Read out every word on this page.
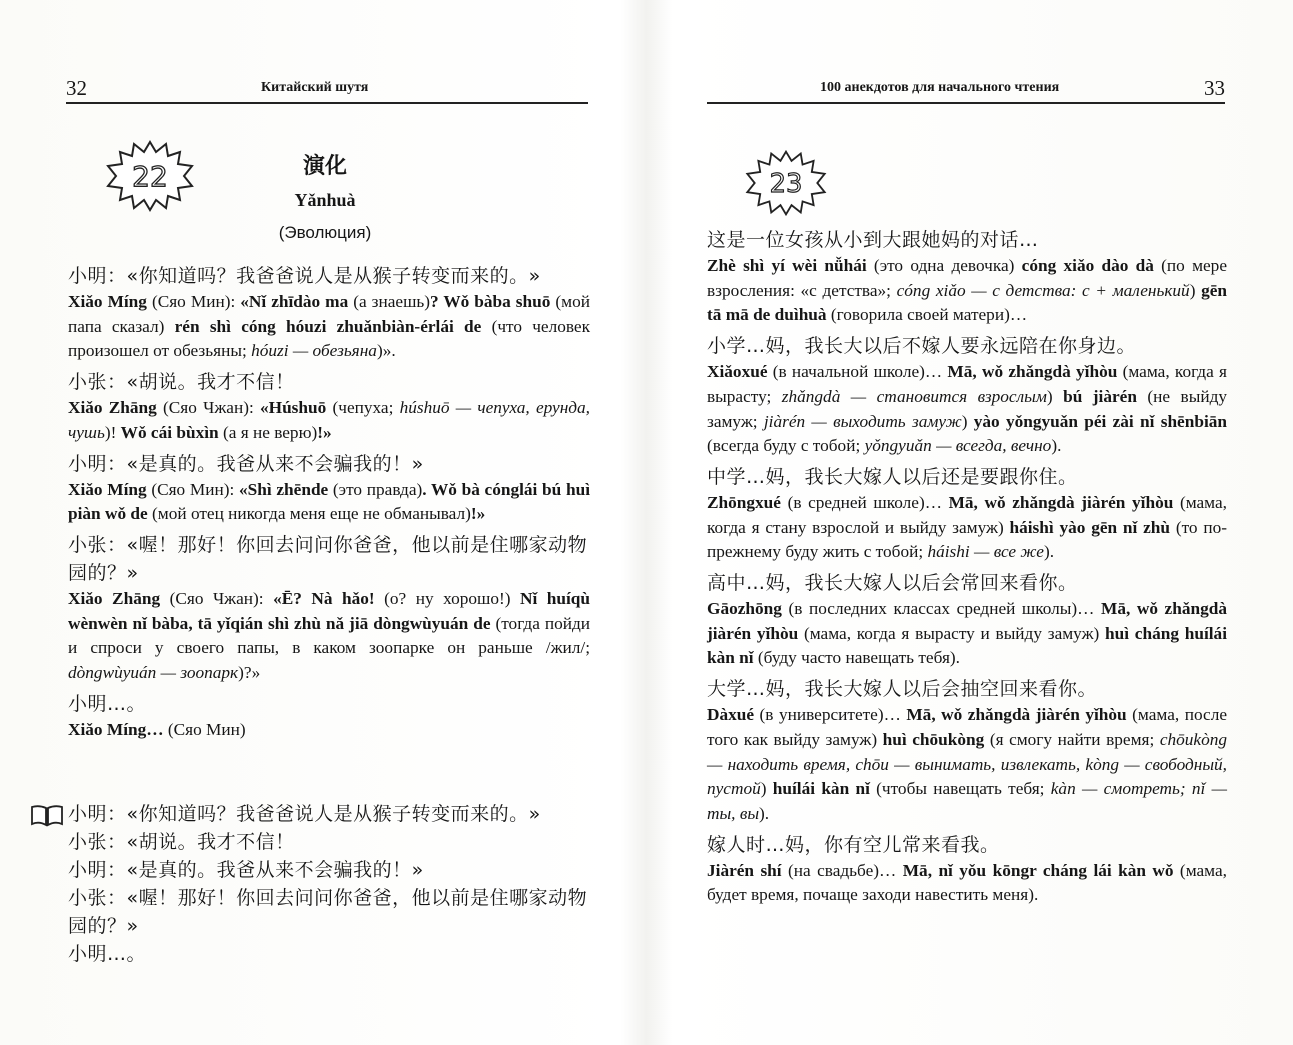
32	Китайский шутя
22	演化
Yǎnhuà
(Эволюция)
小明：«你知道吗？我爸爸说人是从猴子转变而来的。»
Xiǎo Míng (Сяо Мин): «Nǐ zhīdào ma (а знаешь)? Wǒ bàba shuō (мой папа сказал) rén shì cóng hóuzi zhuǎnbiàn-érlái de (что человек произошел от обезьяны; hóuzi — обезьяна)».
小张：«胡说。我才不信！
Xiǎo Zhāng (Сяо Чжан): «Húshuō (чепуха; húshuō — чепуха, ерунда, чушь)! Wǒ cái bùxìn (а я не верю)!»
小明：«是真的。我爸从来不会骗我的！»
Xiǎo Míng (Сяо Мин): «Shì zhēnde (это правда). Wǒ bà cónglái bú huì piàn wǒ de (мой отец никогда меня еще не обманывал)!»
小张：«喔！那好！你回去问问你爸爸，他以前是住哪家动物园的？»
Xiǎo Zhāng (Сяо Чжан): «Ē? Nà hǎo! (о? ну хорошо!) Nǐ huíqù wènwèn nǐ bàba, tā yǐqián shì zhù nǎ jiā dòngwùyuán de (тогда пойди и спроси у своего папы, в каком зоопарке он раньше /жил/; dòngwùyuán — зоопарк)?»
小明…。
Xiǎo Míng… (Сяо Мин)
小明：«你知道吗？我爸爸说人是从猴子转变而来的。»
小张：«胡说。我才不信！
小明：«是真的。我爸从来不会骗我的！»
小张：«喔！那好！你回去问问你爸爸，他以前是住哪家动物园的？»
小明…。
100 анекдотов для начального чтения	33
23
这是一位女孩从小到大跟她妈的对话…
Zhè shì yí wèi nǚhái (это одна девочка) cóng xiǎo dào dà (по мере взросления: «с детства»; cóng xiǎo — с детства: с + маленький) gēn tā mā de duìhuà (говорила своей матери)…
小学…妈，我长大以后不嫁人要永远陪在你身边。
Xiǎoxué (в начальной школе)… Mā, wǒ zhǎngdà yǐhòu (мама, когда я вырасту; zhǎngdà — становится взрослым) bú jiàrén (не выйду замуж; jiàrén — выходить замуж) yào yǒngyuǎn péi zài nǐ shēnbiān (всегда буду с тобой; yǒngyuǎn — всегда, вечно).
中学…妈，我长大嫁人以后还是要跟你住。
Zhōngxué (в средней школе)… Mā, wǒ zhǎngdà jiàrén yǐhòu (мама, когда я стану взрослой и выйду замуж) háishì yào gēn nǐ zhù (то по-прежнему буду жить с тобой; háishi — все же).
高中…妈，我长大嫁人以后会常回来看你。
Gāozhōng (в последних классах средней школы)… Mā, wǒ zhǎngdà jiàrén yǐhòu (мама, когда я вырасту и выйду замуж) huì cháng huílái kàn nǐ (буду часто навещать тебя).
大学…妈，我长大嫁人以后会抽空回来看你。
Dàxué (в университете)… Mā, wǒ zhǎngdà jiàrén yǐhòu (мама, после того как выйду замуж) huì chōukòng (я смогу найти время; chōukòng — находить время, chōu — вынимать, извлекать, kòng — свободный, пустой) huílái kàn nǐ (чтобы навещать тебя; kàn — смотреть; nǐ — ты, вы).
嫁人时…妈，你有空儿常来看我。
Jiàrén shí (на свадьбе)… Mā, nǐ yǒu kōngr cháng lái kàn wǒ (мама, будет время, почаще заходи навестить меня).
